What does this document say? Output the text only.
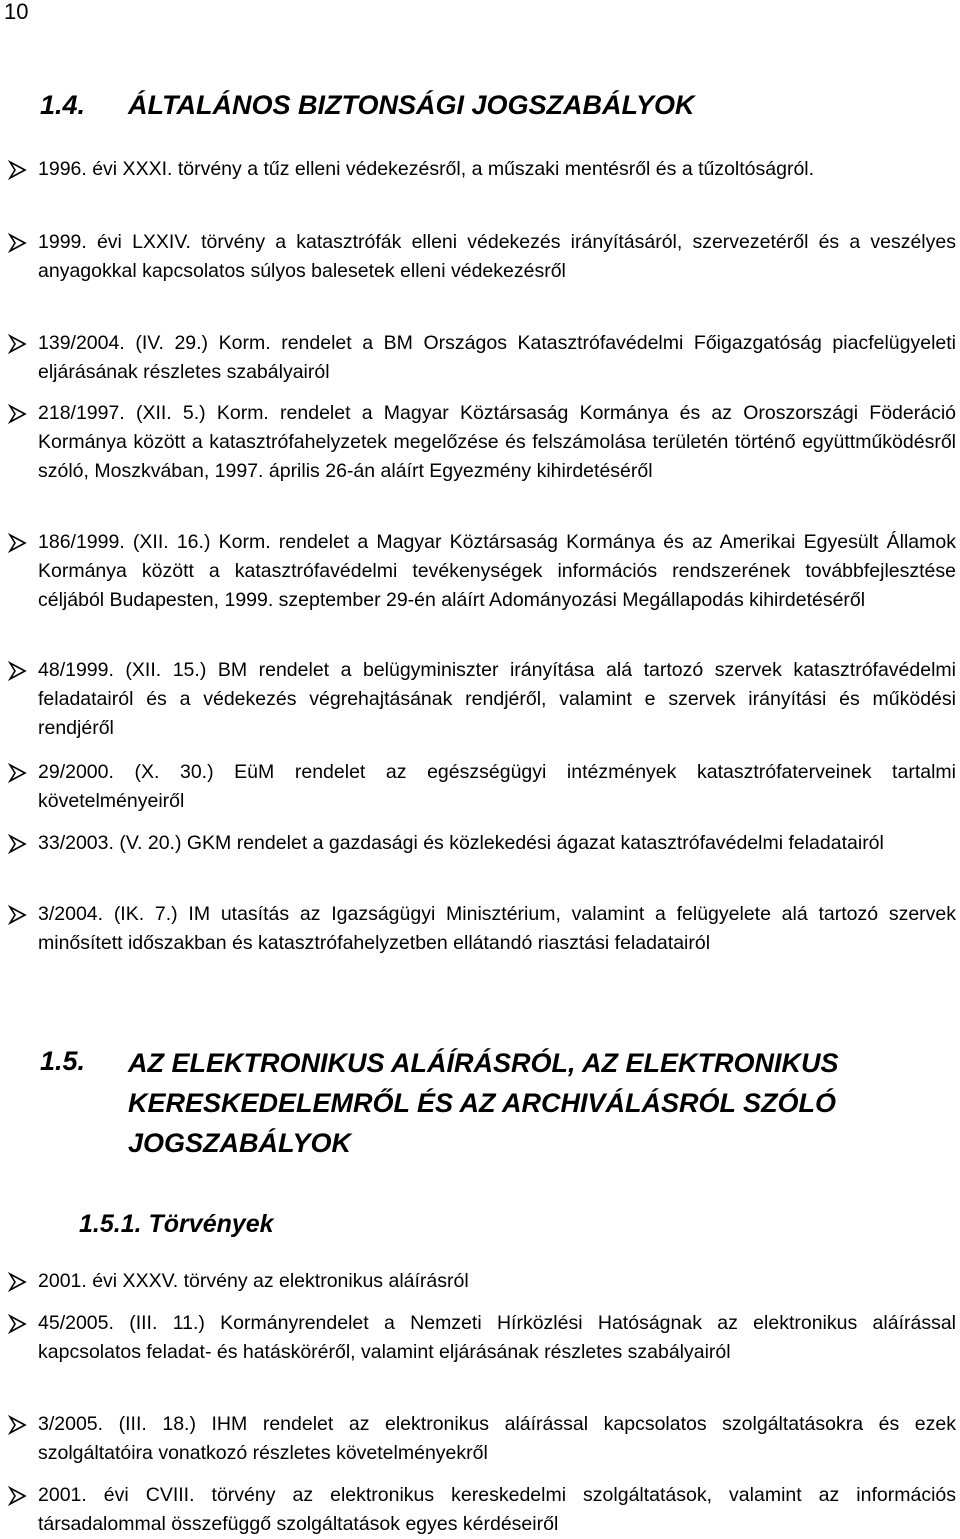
10
1.4. ÁLTALÁNOS BIZTONSÁGI JOGSZABÁLYOK

1996. évi XXXI. törvény a tűz elleni védekezésről, a műszaki mentésről és a tűzoltóságról.

1999. évi LXXIV. törvény a katasztrófák elleni védekezés irányításáról, szervezetéről és a veszélyes anyagokkal kapcsolatos súlyos balesetek elleni védekezésről

139/2004. (IV. 29.) Korm. rendelet a BM Országos Katasztrófavédelmi Főigazgatóság piacfelügyeleti eljárásának részletes szabályairól

218/1997. (XII. 5.) Korm. rendelet a Magyar Köztársaság Kormánya és az Oroszországi Föderáció Kormánya között a katasztrófahelyzetek megelőzése és felszámolása területén történő együttműködésről szóló, Moszkvában, 1997. április 26-án aláírt Egyezmény kihirdetéséről

186/1999. (XII. 16.) Korm. rendelet a Magyar Köztársaság Kormánya és az Amerikai Egyesült Államok Kormánya között a katasztrófavédelmi tevékenységek információs rendszerének továbbfejlesztése céljából Budapesten, 1999. szeptember 29-én aláírt Adományozási Megállapodás kihirdetéséről

48/1999. (XII. 15.) BM rendelet a belügyminiszter irányítása alá tartozó szervek katasztrófavédelmi feladatairól és a védekezés végrehajtásának rendjéről, valamint e szervek irányítási és működési rendjéről

29/2000. (X. 30.) EüM rendelet az egészségügyi intézmények katasztrófaterveinek tartalmi követelményeiről

33/2003. (V. 20.) GKM rendelet a gazdasági és közlekedési ágazat katasztrófavédelmi feladatairól

3/2004. (IK. 7.) IM utasítás az Igazságügyi Minisztérium, valamint a felügyelete alá tartozó szervek minősített időszakban és katasztrófahelyzetben ellátandó riasztási feladatairól

1.5. AZ ELEKTRONIKUS ALÁÍRÁSRÓL, AZ ELEKTRONIKUS KERESKEDELEMRŐL ÉS AZ ARCHIVÁLÁSRÓL SZÓLÓ JOGSZABÁLYOK
1.5.1. Törvények

2001. évi XXXV. törvény az elektronikus aláírásról

45/2005. (III. 11.) Kormányrendelet a Nemzeti Hírközlési Hatóságnak az elektronikus aláírással kapcsolatos feladat- és hatásköréről, valamint eljárásának részletes szabályairól

3/2005. (III. 18.) IHM rendelet az elektronikus aláírással kapcsolatos szolgáltatásokra és ezek szolgáltatóira vonatkozó részletes követelményekről

2001. évi CVIII. törvény az elektronikus kereskedelmi szolgáltatások, valamint az információs társadalommal összefüggő szolgáltatások egyes kérdéseiről
